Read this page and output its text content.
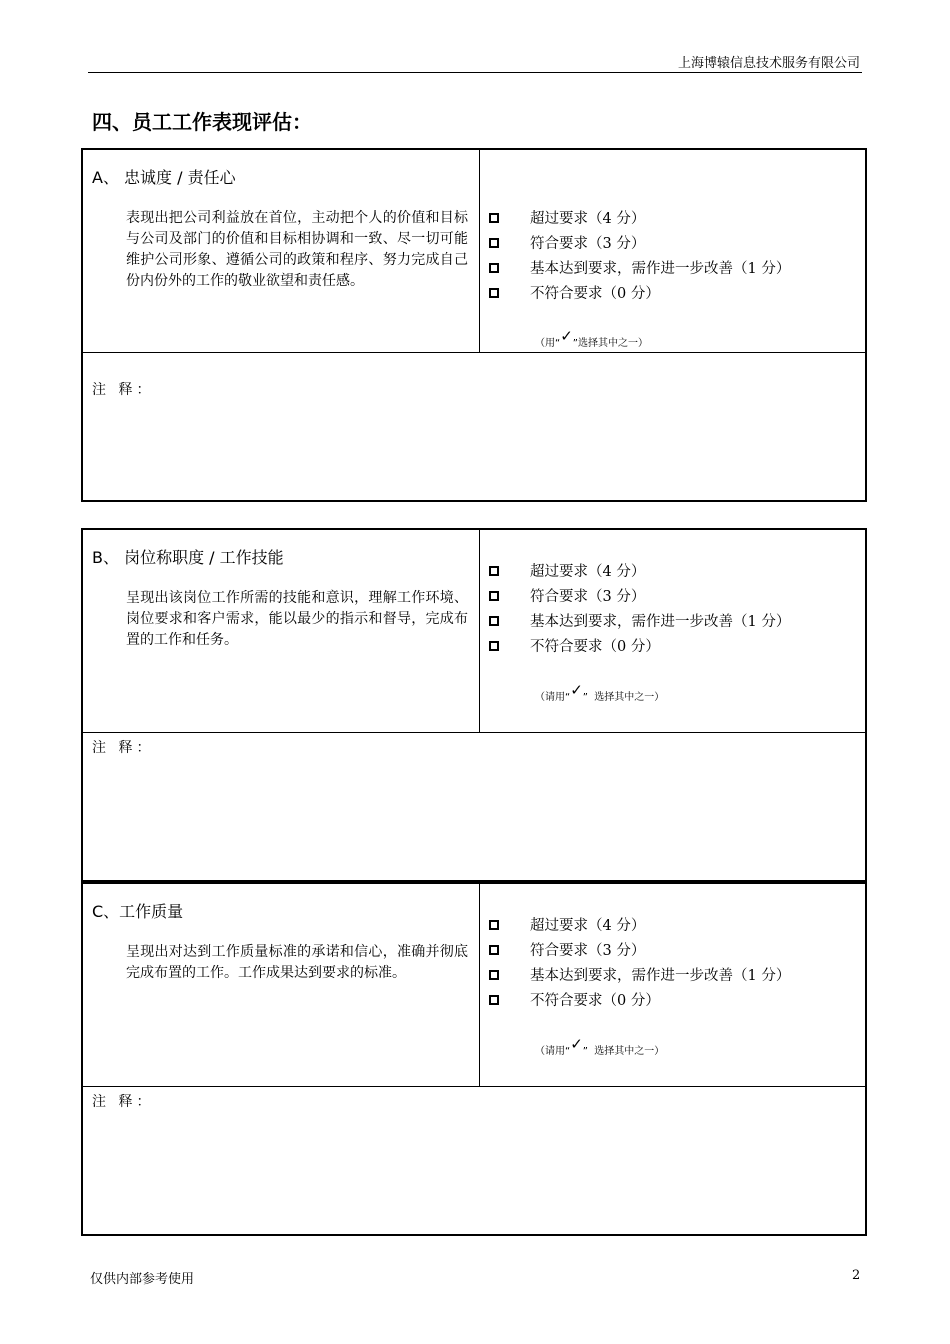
上海博辕信息技术服务有限公司
四、员工工作表现评估：
A、 忠诚度 / 责任心
表现出把公司利益放在首位，主动把个人的价值和目标与公司及部门的价值和目标相协调和一致、尽一切可能维护公司形象、遵循公司的政策和程序、努力完成自己份内份外的工作的敬业欲望和责任感。
超过要求（4 分）
符合要求（3 分）
基本达到要求，需作进一步改善（1 分）
不符合要求（0 分）
（用“✓”选择其中之一）
注 释：
B、 岗位称职度 / 工作技能
呈现出该岗位工作所需的技能和意识，理解工作环境、岗位要求和客户需求，能以最少的指示和督导，完成布置的工作和任务。
超过要求（4 分）
符合要求（3 分）
基本达到要求，需作进一步改善（1 分）
不符合要求（0 分）
（请用“✓”  选择其中之一）
注 释：
C、工作质量
呈现出对达到工作质量标准的承诺和信心，准确并彻底完成布置的工作。工作成果达到要求的标准。
超过要求（4 分）
符合要求（3 分）
基本达到要求，需作进一步改善（1 分）
不符合要求（0 分）
（请用“✓”  选择其中之一）
注 释：
仅供内部参考使用	2
